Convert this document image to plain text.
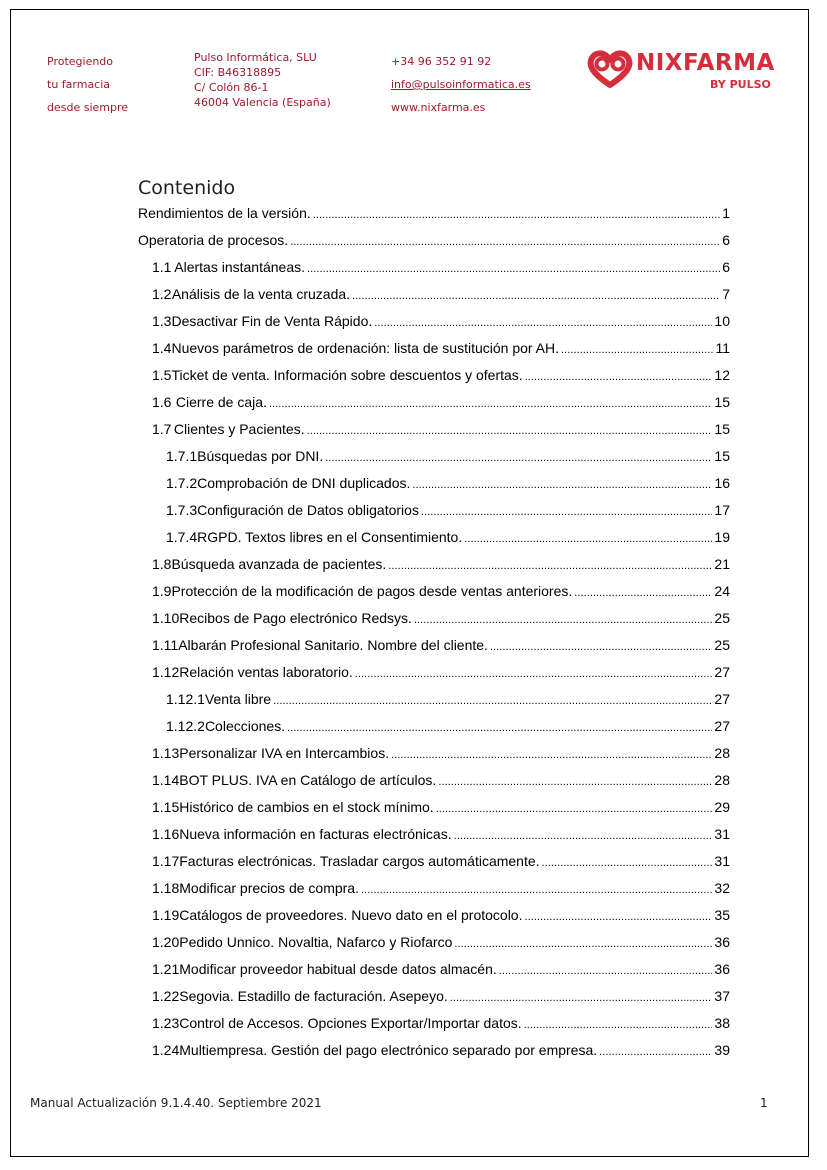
Protegiendo
tu farmacia
desde siempre
Pulso Informática, SLU
CIF: B46318895
C/ Colón 86-1
46004 Valencia (España)
+34 96 352 91 92
info@pulsoinformatica.es
www.nixfarma.es
NIXFARMA
BY PULSO
Contenido
Rendimientos de la versión. . . .	1
Operatoria de procesos. . . .	6
1.1 Alertas instantáneas. . . .	6
1.2 Análisis de la venta cruzada. . . .	7
1.3 Desactivar Fin de Venta Rápido. . . .	10
1.4 Nuevos parámetros de ordenación: lista de sustitución por AH. . . .	11
1.5 Ticket de venta. Información sobre descuentos y ofertas. . . .	12
1.6 Cierre de caja. . . .	15
1.7 Clientes y Pacientes. . . .	15
1.7.1 Búsquedas por DNI. . . .	15
1.7.2 Comprobación de DNI duplicados. . . .	16
1.7.3 Configuración de Datos obligatorios . . .	17
1.7.4 RGPD. Textos libres en el Consentimiento. . . .	19
1.8 Búsqueda avanzada de pacientes. . . .	21
1.9 Protección de la modificación de pagos desde ventas anteriores. . . .	24
1.10 Recibos de Pago electrónico Redsys. . . .	25
1.11 Albarán Profesional Sanitario. Nombre del cliente. . . .	25
1.12 Relación ventas laboratorio. . . .	27
1.12.1 Venta libre . . .	27
1.12.2 Colecciones. . . .	27
1.13 Personalizar IVA en Intercambios. . . .	28
1.14 BOT PLUS. IVA en Catálogo de artículos. . . .	28
1.15 Histórico de cambios en el stock mínimo. . . .	29
1.16 Nueva información en facturas electrónicas. . . .	31
1.17 Facturas electrónicas. Trasladar cargos automáticamente. . . .	31
1.18 Modificar precios de compra. . . .	32
1.19 Catálogos de proveedores. Nuevo dato en el protocolo. . . .	35
1.20 Pedido Unnico. Novaltia, Nafarco y Riofarco . . .	36
1.21 Modificar proveedor habitual desde datos almacén. . . .	36
1.22 Segovia. Estadillo de facturación. Asepeyo. . . .	37
1.23 Control de Accesos. Opciones Exportar/Importar datos. . . .	38
1.24 Multiempresa. Gestión del pago electrónico separado por empresa. . . .	39
Manual Actualización 9.1.4.40. Septiembre 2021	1
